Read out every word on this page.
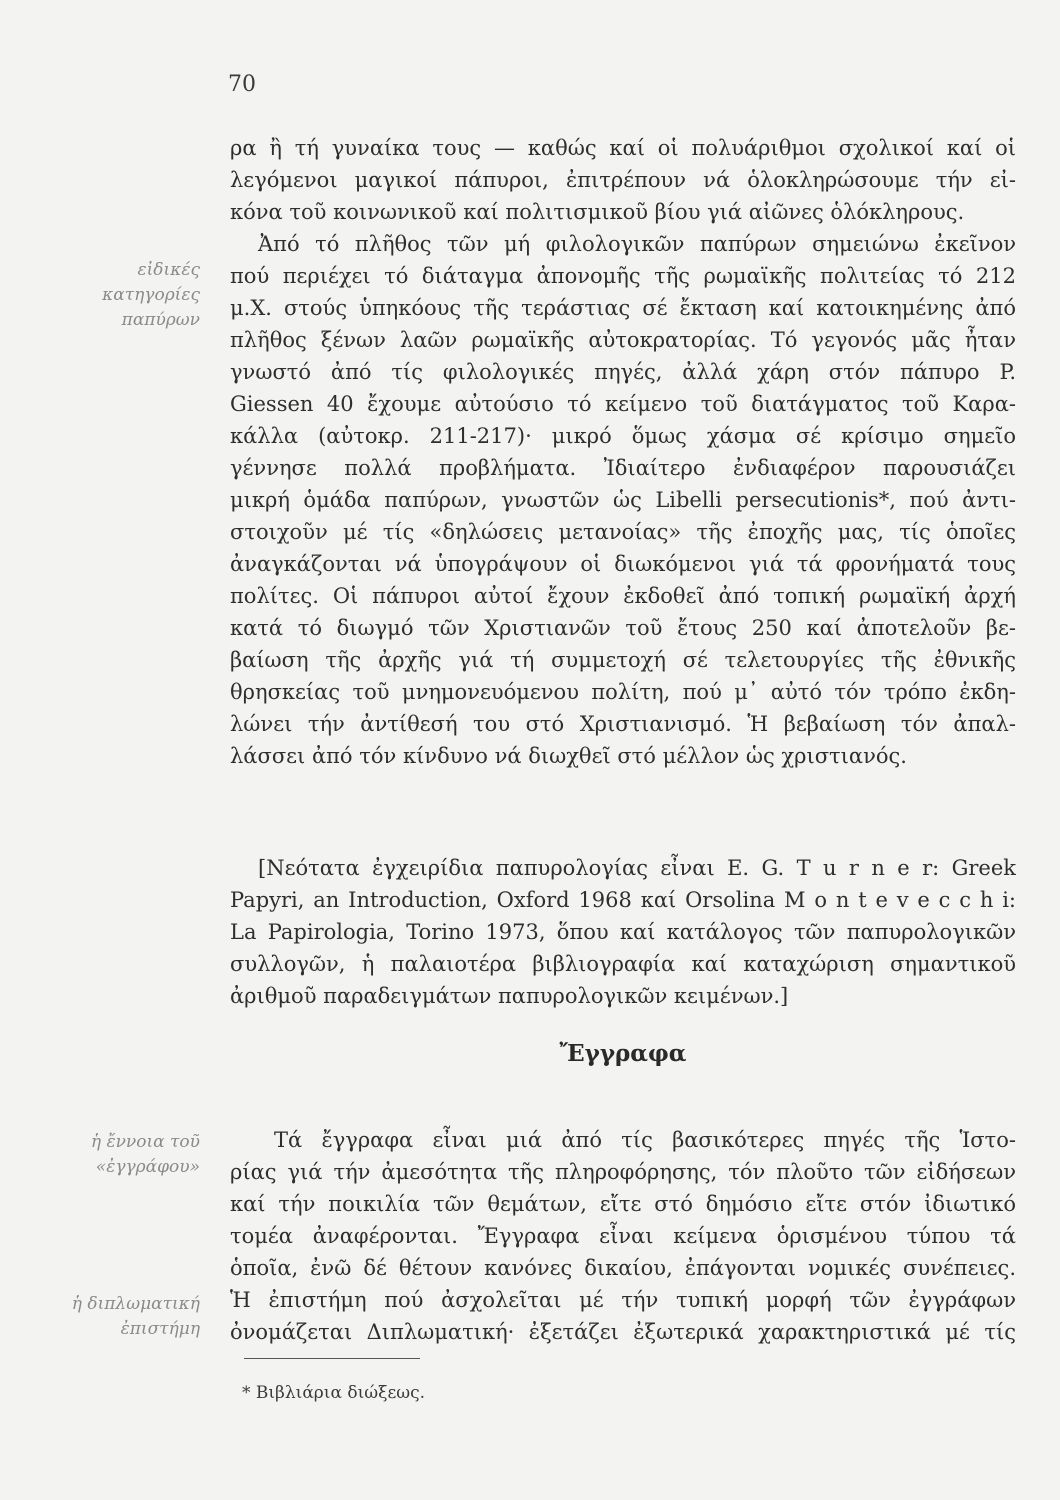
70
εἰδικές
κατηγορίες
παπύρων
ἡ ἔννοια τοῦ
«ἐγγράφου»
ἡ διπλωματική
ἐπιστήμη
ρα ἢ τή γυναίκα τους — καθώς καί οἱ πολυάριθμοι σχολικοί καί οἱ
λεγόμενοι μαγικοί πάπυροι, ἐπιτρέπουν νά ὁλοκληρώσουμε τήν εἰ-
κόνα τοῦ κοινωνικοῦ καί πολιτισμικοῦ βίου γιά αἰῶνες ὁλόκληρους.
Ἀπό τό πλῆθος τῶν μή φιλολογικῶν παπύρων σημειώνω ἐκεῖνον
πού περιέχει τό διάταγμα ἀπονομῆς τῆς ρωμαϊκῆς πολιτείας τό 212
μ.Χ. στούς ὑπηκόους τῆς τεράστιας σέ ἔκταση καί κατοικημένης ἀπό
πλῆθος ξένων λαῶν ρωμαϊκῆς αὐτοκρατορίας. Τό γεγονός μᾶς ἦταν
γνωστό ἀπό τίς φιλολογικές πηγές, ἀλλά χάρη στόν πάπυρο P.
Giessen 40 ἔχουμε αὐτούσιο τό κείμενο τοῦ διατάγματος τοῦ Καρα-
κάλλα (αὐτοκρ. 211-217)· μικρό ὅμως χάσμα σέ κρίσιμο σημεῖο
γέννησε πολλά προβλήματα. Ἰδιαίτερο ἐνδιαφέρον παρουσιάζει
μικρή ὁμάδα παπύρων, γνωστῶν ὡς Libelli persecutionis*, πού ἀντι-
στοιχοῦν μέ τίς «δηλώσεις μετανοίας» τῆς ἐποχῆς μας, τίς ὁποῖες
ἀναγκάζονται νά ὑπογράψουν οἱ διωκόμενοι γιά τά φρονήματά τους
πολίτες. Οἱ πάπυροι αὐτοί ἔχουν ἐκδοθεῖ ἀπό τοπική ρωμαϊκή ἀρχή
κατά τό διωγμό τῶν Χριστιανῶν τοῦ ἔτους 250 καί ἀποτελοῦν βε-
βαίωση τῆς ἀρχῆς γιά τή συμμετοχή σέ τελετουργίες τῆς ἐθνικῆς
θρησκείας τοῦ μνημονευόμενου πολίτη, πού μ᾿ αὐτό τόν τρόπο ἐκδη-
λώνει τήν ἀντίθεσή του στό Χριστιανισμό. Ἡ βεβαίωση τόν ἀπαλ-
λάσσει ἀπό τόν κίνδυνο νά διωχθεῖ στό μέλλον ὡς χριστιανός.
[Νεότατα ἐγχειρίδια παπυρολογίας εἶναι E. G. T u r n e r: Greek
Papyri, an Introduction, Oxford 1968 καί Orsolina M o n t e v e c c h i:
La Papirologia, Torino 1973, ὅπου καί κατάλογος τῶν παπυρολογικῶν
συλλογῶν, ἡ παλαιοτέρα βιβλιογραφία καί καταχώριση σημαντικοῦ
ἀριθμοῦ παραδειγμάτων παπυρολογικῶν κειμένων.]
Ἔγγραφα
Τά ἔγγραφα εἶναι μιά ἀπό τίς βασικότερες πηγές τῆς Ἱστο-
ρίας γιά τήν ἀμεσότητα τῆς πληροφόρησης, τόν πλοῦτο τῶν εἰδήσεων
καί τήν ποικιλία τῶν θεμάτων, εἴτε στό δημόσιο εἴτε στόν ἰδιωτικό
τομέα ἀναφέρονται. Ἔγγραφα εἶναι κείμενα ὁρισμένου τύπου τά
ὁποῖα, ἐνῶ δέ θέτουν κανόνες δικαίου, ἐπάγονται νομικές συνέπειες.
Ἡ ἐπιστήμη πού ἀσχολεῖται μέ τήν τυπική μορφή τῶν ἐγγράφων
ὀνομάζεται Διπλωματική· ἐξετάζει ἐξωτερικά χαρακτηριστικά μέ τίς
* Βιβλιάρια διώξεως.
